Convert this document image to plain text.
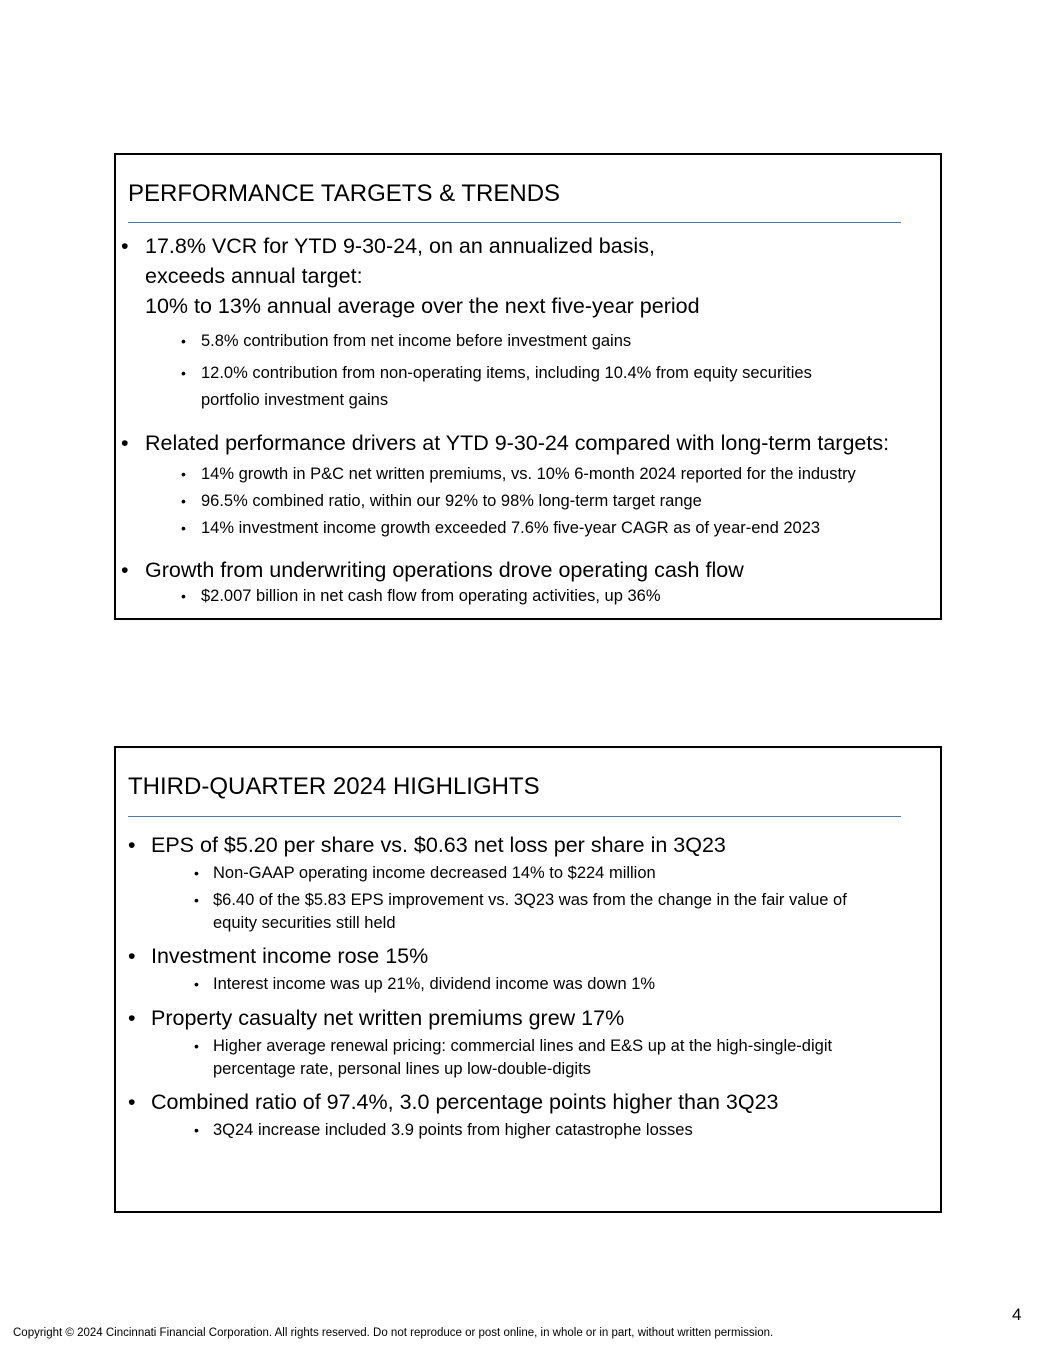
PERFORMANCE TARGETS & TRENDS
• 17.8% VCR for YTD 9-30-24, on an annualized basis,
exceeds annual target:
10% to 13% annual average over the next five-year period
• 5.8% contribution from net income before investment gains
• 12.0% contribution from non-operating items, including 10.4% from equity securities
portfolio investment gains
• Related performance drivers at YTD 9-30-24 compared with long-term targets:
• 14% growth in P&C net written premiums, vs. 10% 6-month 2024 reported for the industry
• 96.5% combined ratio, within our 92% to 98% long-term target range
• 14% investment income growth exceeded 7.6% five-year CAGR as of year-end 2023
• Growth from underwriting operations drove operating cash flow
• $2.007 billion in net cash flow from operating activities, up 36%
THIRD-QUARTER 2024 HIGHLIGHTS
• EPS of $5.20 per share vs. $0.63 net loss per share in 3Q23
• Non-GAAP operating income decreased 14% to $224 million
• $6.40 of the $5.83 EPS improvement vs. 3Q23 was from the change in the fair value of
equity securities still held
• Investment income rose 15%
• Interest income was up 21%, dividend income was down 1%
• Property casualty net written premiums grew 17%
• Higher average renewal pricing: commercial lines and E&S up at the high-single-digit
percentage rate, personal lines up low-double-digits
• Combined ratio of 97.4%, 3.0 percentage points higher than 3Q23
• 3Q24 increase included 3.9 points from higher catastrophe losses
4
Copyright © 2024 Cincinnati Financial Corporation. All rights reserved. Do not reproduce or post online, in whole or in part, without written permission.
